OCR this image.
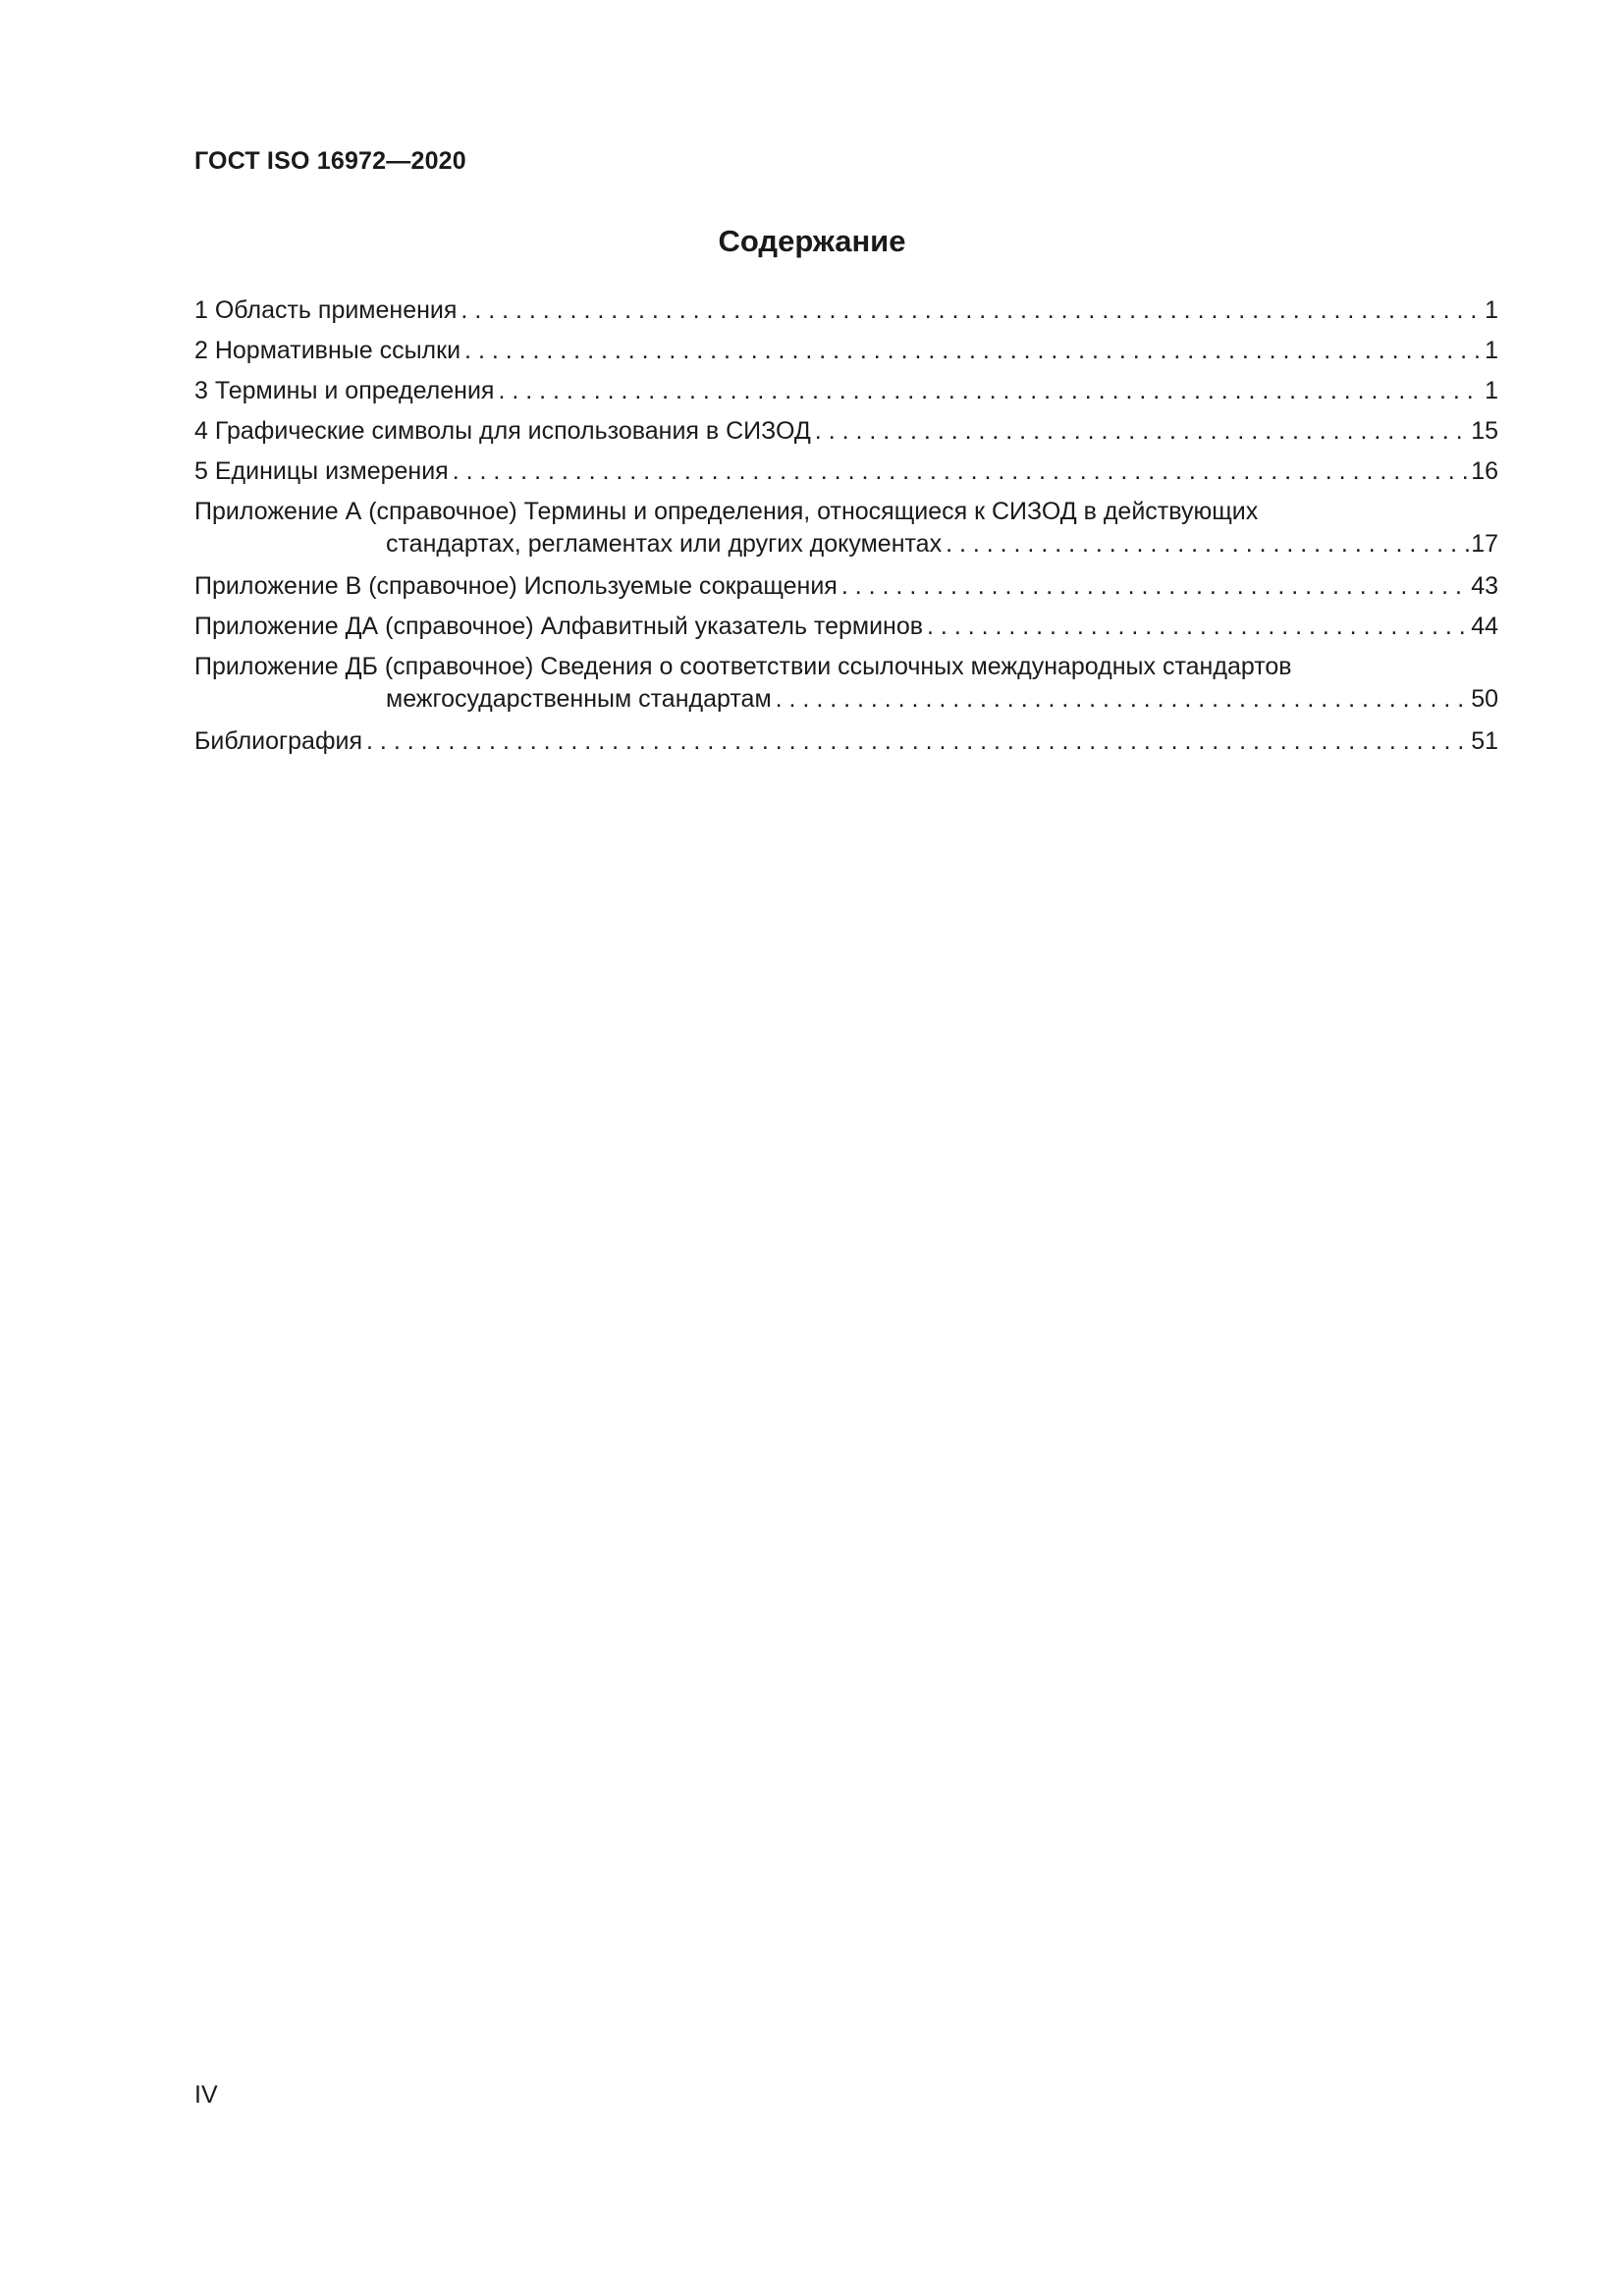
ГОСТ ISO 16972—2020
Содержание
1 Область применения . . .	1
2 Нормативные ссылки . . .	1
3 Термины и определения . . .	1
4 Графические символы для использования в СИЗОД . . .	15
5 Единицы измерения . . .	16
Приложение А (справочное) Термины и определения, относящиеся к СИЗОД в действующих
стандартах, регламентах или других документах . . .	17
Приложение В (справочное) Используемые сокращения . . .	43
Приложение ДА (справочное) Алфавитный указатель терминов . . .	44
Приложение ДБ (справочное) Сведения о соответствии ссылочных международных стандартов
межгосударственным стандартам . . .	50
Библиография . . .	51
IV
